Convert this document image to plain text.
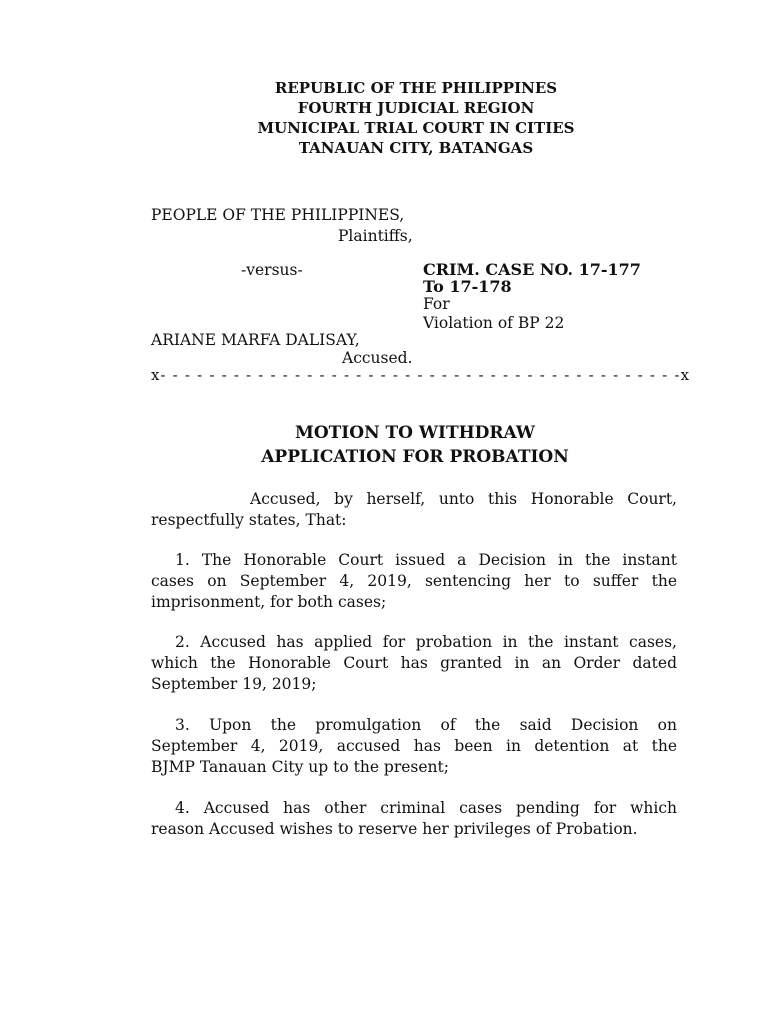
REPUBLIC OF THE PHILIPPINES
FOURTH JUDICIAL REGION
MUNICIPAL TRIAL COURT IN CITIES
TANAUAN CITY, BATANGAS
PEOPLE OF THE PHILIPPINES,
Plaintiffs,
-versus-	CRIM. CASE NO. 17-177
To 17-178
For
Violation of BP 22
ARIANE MARFA DALISAY,
Accused.
x- - - - - - - - - - - - - - - - - - - - - - - - - - - - - - - - - - - - - - - - - - -x
MOTION TO WITHDRAW
APPLICATION FOR PROBATION
Accused, by herself, unto this Honorable Court,
respectfully states, That:
1. The Honorable Court issued a Decision in the instant
cases on September 4, 2019, sentencing her to suffer the
imprisonment, for both cases;
2. Accused has applied for probation in the instant cases,
which the Honorable Court has granted in an Order dated
September 19, 2019;
3. Upon the promulgation of the said Decision on
September 4, 2019, accused has been in detention at the
BJMP Tanauan City up to the present;
4. Accused has other criminal cases pending for which
reason Accused wishes to reserve her privileges of Probation.
